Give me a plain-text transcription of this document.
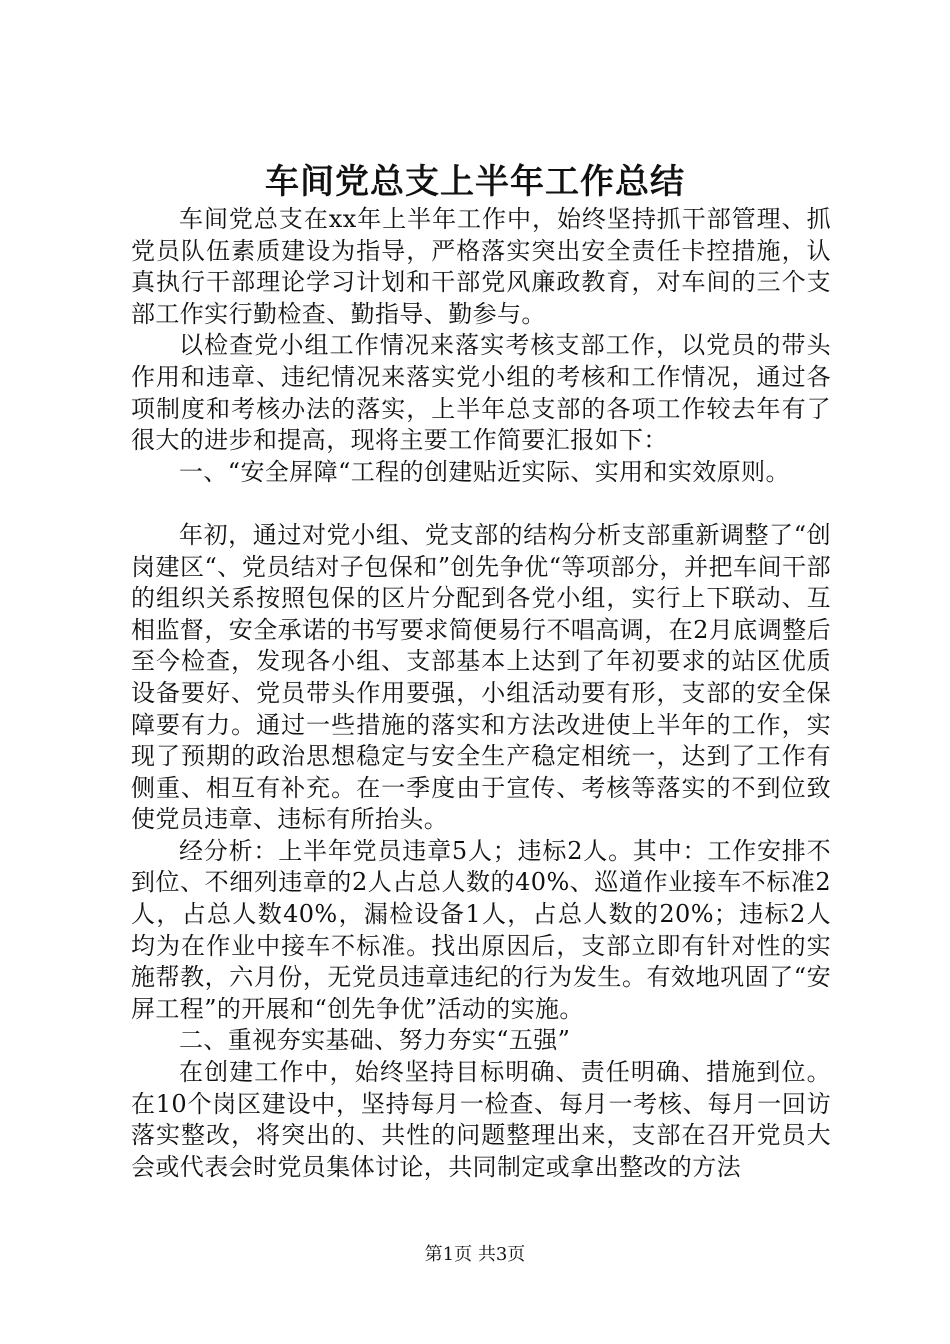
车间党总支上半年工作总结

车间党总支在xx年上半年工作中，始终坚持抓干部管理、抓党员队伍素质建设为指导，严格落实突出安全责任卡控措施，认真执行干部理论学习计划和干部党风廉政教育，对车间的三个支部工作实行勤检查、勤指导、勤参与。

以检查党小组工作情况来落实考核支部工作，以党员的带头作用和违章、违纪情况来落实党小组的考核和工作情况，通过各项制度和考核办法的落实，上半年总支部的各项工作较去年有了很大的进步和提高，现将主要工作简要汇报如下：

一、“安全屏障“工程的创建贴近实际、实用和实效原则。

年初，通过对党小组、党支部的结构分析支部重新调整了“创岗建区“、党员结对子包保和”创先争优“等项部分，并把车间干部的组织关系按照包保的区片分配到各党小组，实行上下联动、互相监督，安全承诺的书写要求简便易行不唱高调，在2月底调整后至今检查，发现各小组、支部基本上达到了年初要求的站区优质设备要好、党员带头作用要强，小组活动要有形，支部的安全保障要有力。通过一些措施的落实和方法改进使上半年的工作，实现了预期的政治思想稳定与安全生产稳定相统一，达到了工作有侧重、相互有补充。在一季度由于宣传、考核等落实的不到位致使党员违章、违标有所抬头。

经分析：上半年党员违章5人；违标2人。其中：工作安排不到位、不细列违章的2人占总人数的40%、巡道作业接车不标准2人，占总人数40%，漏检设备1人，占总人数的20%；违标2人均为在作业中接车不标准。找出原因后，支部立即有针对性的实施帮教，六月份，无党员违章违纪的行为发生。有效地巩固了“安屏工程”的开展和“创先争优”活动的实施。

二、重视夯实基础、努力夯实“五强”

在创建工作中，始终坚持目标明确、责任明确、措施到位。在10个岗区建设中，坚持每月一检查、每月一考核、每月一回访落实整改，将突出的、共性的问题整理出来，支部在召开党员大会或代表会时党员集体讨论，共同制定或拿出整改的方法

第1页 共3页
